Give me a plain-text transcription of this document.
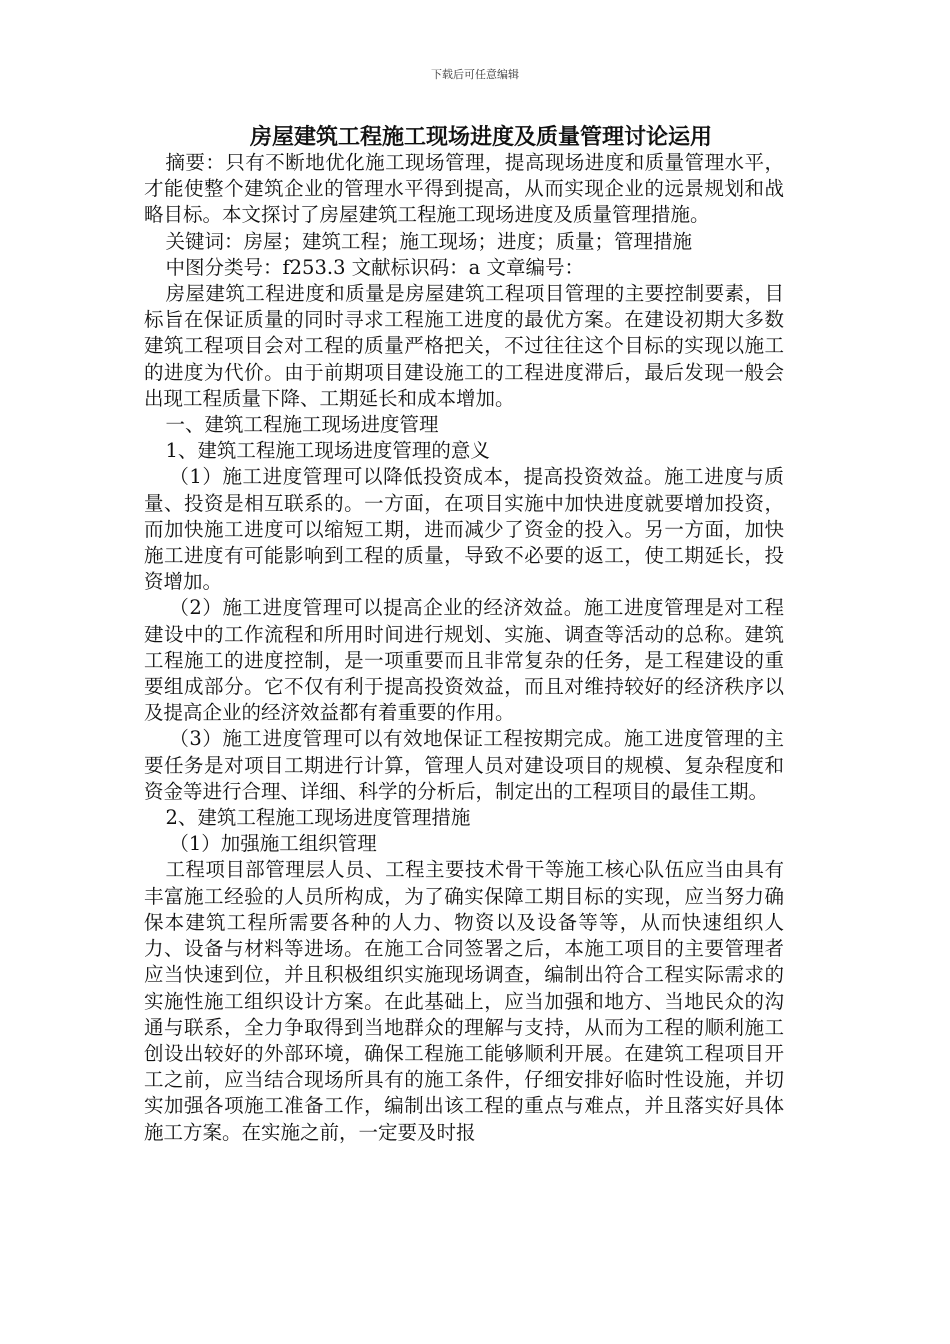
下载后可任意编辑
房屋建筑工程施工现场进度及质量管理讨论运用

摘要：只有不断地优化施工现场管理，提高现场进度和质量管理水平，才能使整个建筑企业的管理水平得到提高，从而实现企业的远景规划和战略目标。本文探讨了房屋建筑工程施工现场进度及质量管理措施。

关键词：房屋；建筑工程；施工现场；进度；质量；管理措施

中图分类号：f253.3 文献标识码：a 文章编号：

房屋建筑工程进度和质量是房屋建筑工程项目管理的主要控制要素，目标旨在保证质量的同时寻求工程施工进度的最优方案。在建设初期大多数建筑工程项目会对工程的质量严格把关，不过往往这个目标的实现以施工的进度为代价。由于前期项目建设施工的工程进度滞后，最后发现一般会出现工程质量下降、工期延长和成本增加。

一、建筑工程施工现场进度管理

1、建筑工程施工现场进度管理的意义

（1）施工进度管理可以降低投资成本，提高投资效益。施工进度与质量、投资是相互联系的。一方面，在项目实施中加快进度就要增加投资，而加快施工进度可以缩短工期，进而减少了资金的投入。另一方面，加快施工进度有可能影响到工程的质量，导致不必要的返工，使工期延长，投资增加。

（2）施工进度管理可以提高企业的经济效益。施工进度管理是对工程建设中的工作流程和所用时间进行规划、实施、调查等活动的总称。建筑工程施工的进度控制，是一项重要而且非常复杂的任务，是工程建设的重要组成部分。它不仅有利于提高投资效益，而且对维持较好的经济秩序以及提高企业的经济效益都有着重要的作用。

（3）施工进度管理可以有效地保证工程按期完成。施工进度管理的主要任务是对项目工期进行计算，管理人员对建设项目的规模、复杂程度和资金等进行合理、详细、科学的分析后，制定出的工程项目的最佳工期。

2、建筑工程施工现场进度管理措施

（1）加强施工组织管理

工程项目部管理层人员、工程主要技术骨干等施工核心队伍应当由具有丰富施工经验的人员所构成，为了确实保障工期目标的实现，应当努力确保本建筑工程所需要各种的人力、物资以及设备等等，从而快速组织人力、设备与材料等进场。在施工合同签署之后，本施工项目的主要管理者应当快速到位，并且积极组织实施现场调查，编制出符合工程实际需求的实施性施工组织设计方案。在此基础上，应当加强和地方、当地民众的沟通与联系，全力争取得到当地群众的理解与支持，从而为工程的顺利施工创设出较好的外部环境，确保工程施工能够顺利开展。在建筑工程项目开工之前，应当结合现场所具有的施工条件，仔细安排好临时性设施，并切实加强各项施工准备工作，编制出该工程的重点与难点，并且落实好具体施工方案。在实施之前，一定要及时报
